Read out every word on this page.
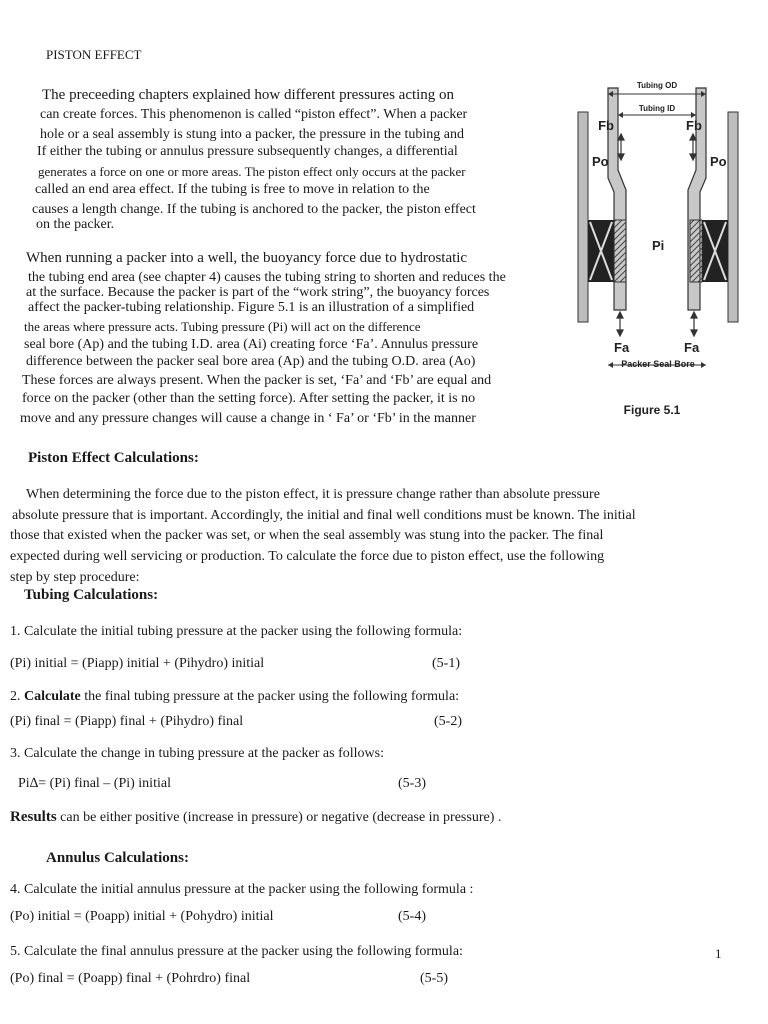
PISTON EFFECT
The preceeding chapters explained how different pressures acting on
can create forces. This phenomenon is called “piston effect”. When a packer
hole or a seal assembly is stung into a packer, the pressure in the tubing and
If either the tubing or annulus pressure subsequently changes, a differential
generates a force on one or more areas. The piston effect only occurs at the packer
called an end area effect. If the tubing is free to move in relation to the
causes a length change. If the tubing is anchored to the packer, the piston effect
on the packer.
When running a packer into a well, the buoyancy force due to hydrostatic
the tubing end area (see chapter 4) causes the tubing string to shorten and reduces the
at the surface. Because the packer is part of the “work string”, the buoyancy forces
affect the packer-tubing relationship. Figure 5.1 is an illustration of a simplified
the areas where pressure acts. Tubing pressure (Pi) will act on the difference
seal bore (Ap) and the tubing I.D. area (Ai) creating force ‘Fa’. Annulus pressure
difference between the packer seal bore area (Ap) and the tubing O.D. area (Ao)
These forces are always present. When the packer is set, ‘Fa’ and ‘Fb’ are equal and
force on the packer (other than the setting force). After setting the packer, it is no
move and any pressure changes will cause a change in ‘ Fa’ or ‘Fb’ in the manner
Tubing OD
Tubing ID
Fb	Fb
Po	Po
Pi
Fa	Fa
Packer Seal Bore
Figure 5.1
Piston Effect Calculations:
When determining the force due to the piston effect, it is pressure change rather than absolute pressure
absolute pressure that is important. Accordingly, the initial and final well conditions must be known. The initial
those that existed when the packer was set, or when the seal assembly was stung into the packer. The final
expected during well servicing or production. To calculate the force due to piston effect, use the following
step by step procedure:
Tubing Calculations:
1. Calculate the initial tubing pressure at the packer using the following formula:
(Pi) initial = (Piapp) initial + (Pihydro) initial	(5-1)
2. Calculate the final tubing pressure at the packer using the following formula:
(Pi) final = (Piapp) final + (Pihydro) final	(5-2)
3. Calculate the change in tubing pressure at the packer as follows:
Pi∆= (Pi) final – (Pi) initial	(5-3)
Results can be either positive (increase in pressure) or negative (decrease in pressure) .
Annulus Calculations:
4. Calculate the initial annulus pressure at the packer using the following formula :
(Po) initial = (Poapp) initial + (Pohydro) initial	(5-4)
5. Calculate the final annulus pressure at the packer using the following formula:	1
(Po) final = (Poapp) final + (Pohrdro) final	(5-5)
